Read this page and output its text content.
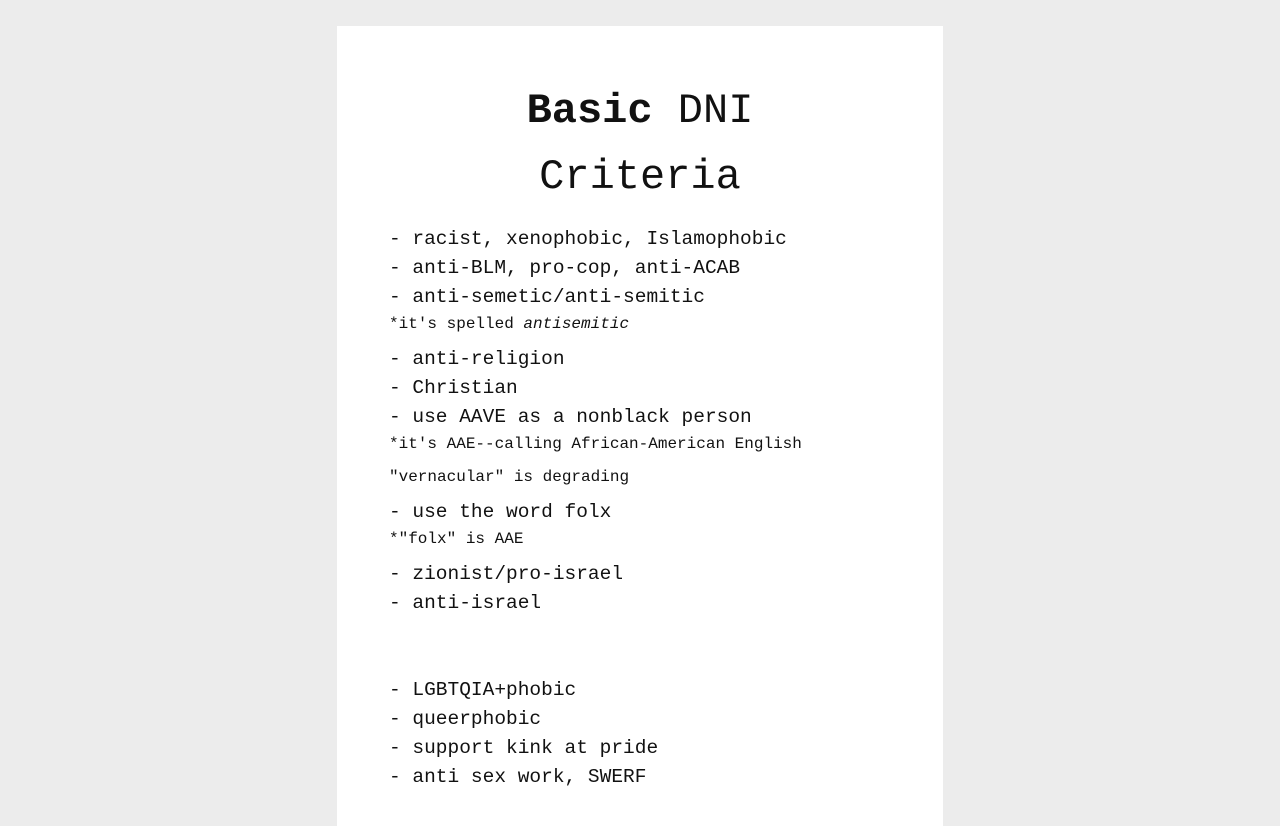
Basic DNI
Criteria
- racist, xenophobic, Islamophobic
- anti-BLM, pro-cop, anti-ACAB
- anti-semetic/anti-semitic
*it's spelled antisemitic
- anti-religion
- Christian
- use AAVE as a nonblack person
*it's AAE--calling African-American English
"vernacular" is degrading
- use the word folx
*"folx" is AAE
- zionist/pro-israel
- anti-israel
- LGBTQIA+phobic
- queerphobic
- support kink at pride
- anti sex work, SWERF
